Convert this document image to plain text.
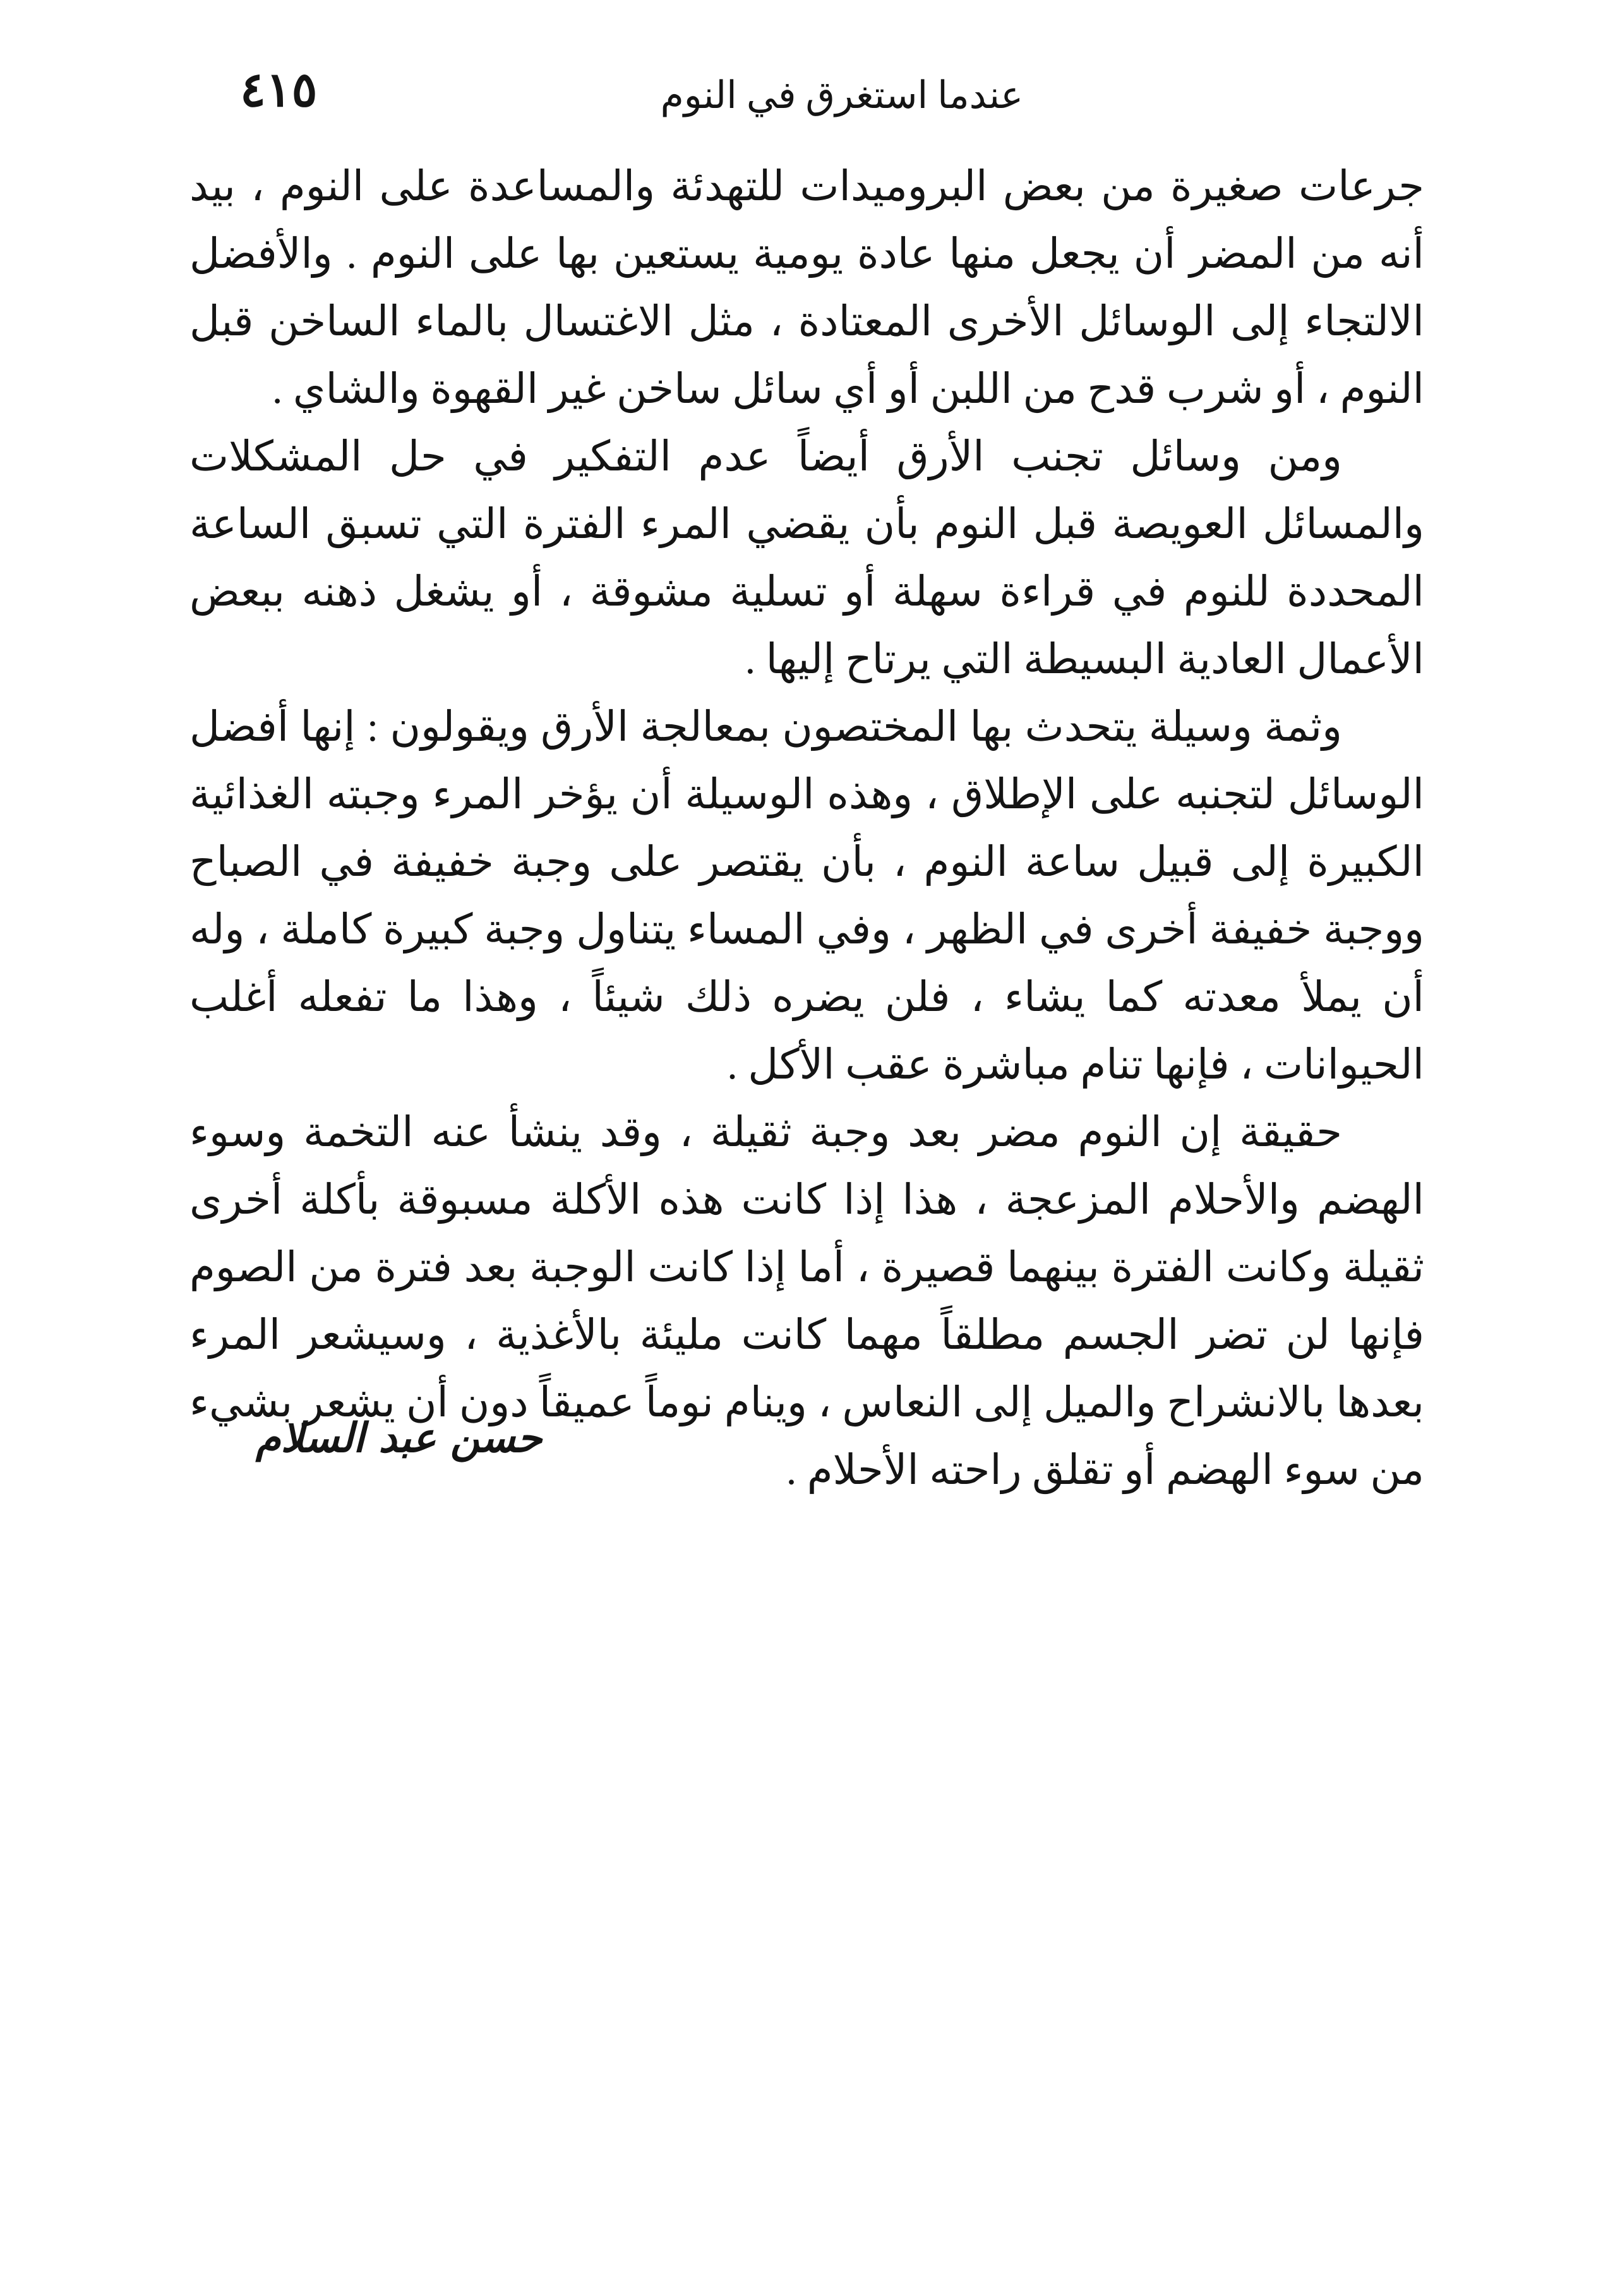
عندما استغرق في النوم
٤١٥

جرعات صغيرة من بعض البروميدات للتهدئة والمساعدة على النوم ، بيد أنه من المضر أن يجعل منها عادة يومية يستعين بها على النوم . والأفضل الالتجاء إلى الوسائل الأخرى المعتادة ، مثل الاغتسال بالماء الساخن قبل النوم ، أو شرب قدح من اللبن أو أي سائل ساخن غير القهوة والشاي .

ومن وسائل تجنب الأرق أيضاً عدم التفكير في حل المشكلات والمسائل العويصة قبل النوم بأن يقضي المرء الفترة التي تسبق الساعة المحددة للنوم في قراءة سهلة أو تسلية مشوقة ، أو يشغل ذهنه ببعض الأعمال العادية البسيطة التي يرتاح إليها .

وثمة وسيلة يتحدث بها المختصون بمعالجة الأرق ويقولون : إنها أفضل الوسائل لتجنبه على الإطلاق ، وهذه الوسيلة أن يؤخر المرء وجبته الغذائية الكبيرة إلى قبيل ساعة النوم ، بأن يقتصر على وجبة خفيفة في الصباح ووجبة خفيفة أخرى في الظهر ، وفي المساء يتناول وجبة كبيرة كاملة ، وله أن يملأ معدته كما يشاء ، فلن يضره ذلك شيئاً ، وهذا ما تفعله أغلب الحيوانات ، فإنها تنام مباشرة عقب الأكل .

حقيقة إن النوم مضر بعد وجبة ثقيلة ، وقد ينشأ عنه التخمة وسوء الهضم والأحلام المزعجة ، هذا إذا كانت هذه الأكلة مسبوقة بأكلة أخرى ثقيلة وكانت الفترة بينهما قصيرة ، أما إذا كانت الوجبة بعد فترة من الصوم فإنها لن تضر الجسم مطلقاً مهما كانت مليئة بالأغذية ، وسيشعر المرء بعدها بالانشراح والميل إلى النعاس ، وينام نوماً عميقاً دون أن يشعر بشيء من سوء الهضم أو تقلق راحته الأحلام .

حسن عبد السلام
